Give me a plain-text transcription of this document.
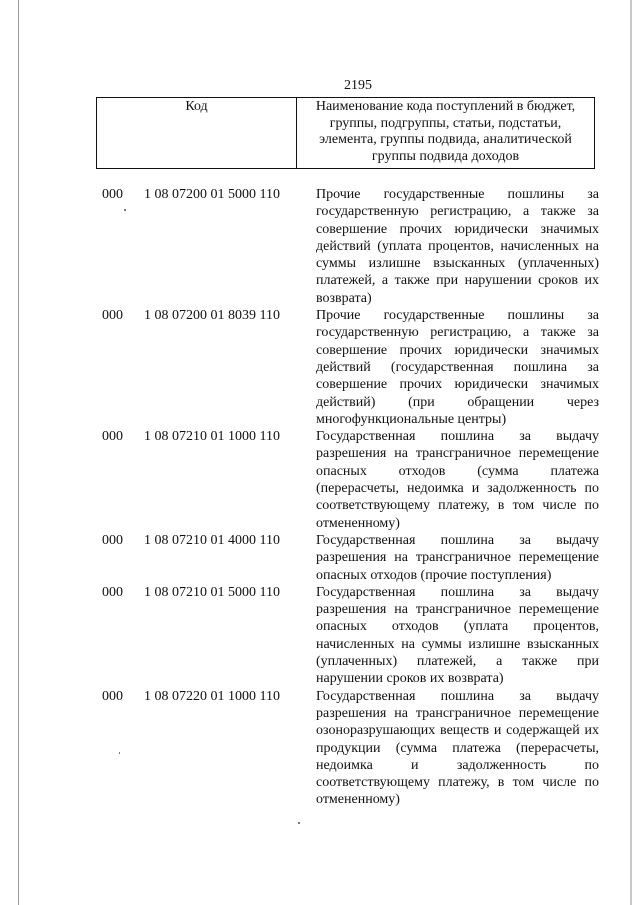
2195
Код	Наименование кода поступлений в бюджет, группы, подгруппы, статьи, подстатьи, элемента, группы подвида, аналитической группы подвида доходов
000	1 08 07200 01 5000 110	Прочие государственные пошлины за государственную регистрацию, а также за совершение прочих юридически значимых действий (уплата процентов, начисленных на суммы излишне взысканных (уплаченных) платежей, а также при нарушении сроков их возврата)
000	1 08 07200 01 8039 110	Прочие государственные пошлины за государственную регистрацию, а также за совершение прочих юридически значимых действий (государственная пошлина за совершение прочих юридически значимых действий) (при обращении через многофункциональные центры)
000	1 08 07210 01 1000 110	Государственная пошлина за выдачу разрешения на трансграничное перемещение опасных отходов (сумма платежа (перерасчеты, недоимка и задолженность по соответствующему платежу, в том числе по отмененному)
000	1 08 07210 01 4000 110	Государственная пошлина за выдачу разрешения на трансграничное перемещение опасных отходов (прочие поступления)
000	1 08 07210 01 5000 110	Государственная пошлина за выдачу разрешения на трансграничное перемещение опасных отходов (уплата процентов, начисленных на суммы излишне взысканных (уплаченных) платежей, а также при нарушении сроков их возврата)
000	1 08 07220 01 1000 110	Государственная пошлина за выдачу разрешения на трансграничное перемещение озоноразрушающих веществ и содержащей их продукции (сумма платежа (перерасчеты, недоимка и задолженность по соответствующему платежу, в том числе по отмененному)
